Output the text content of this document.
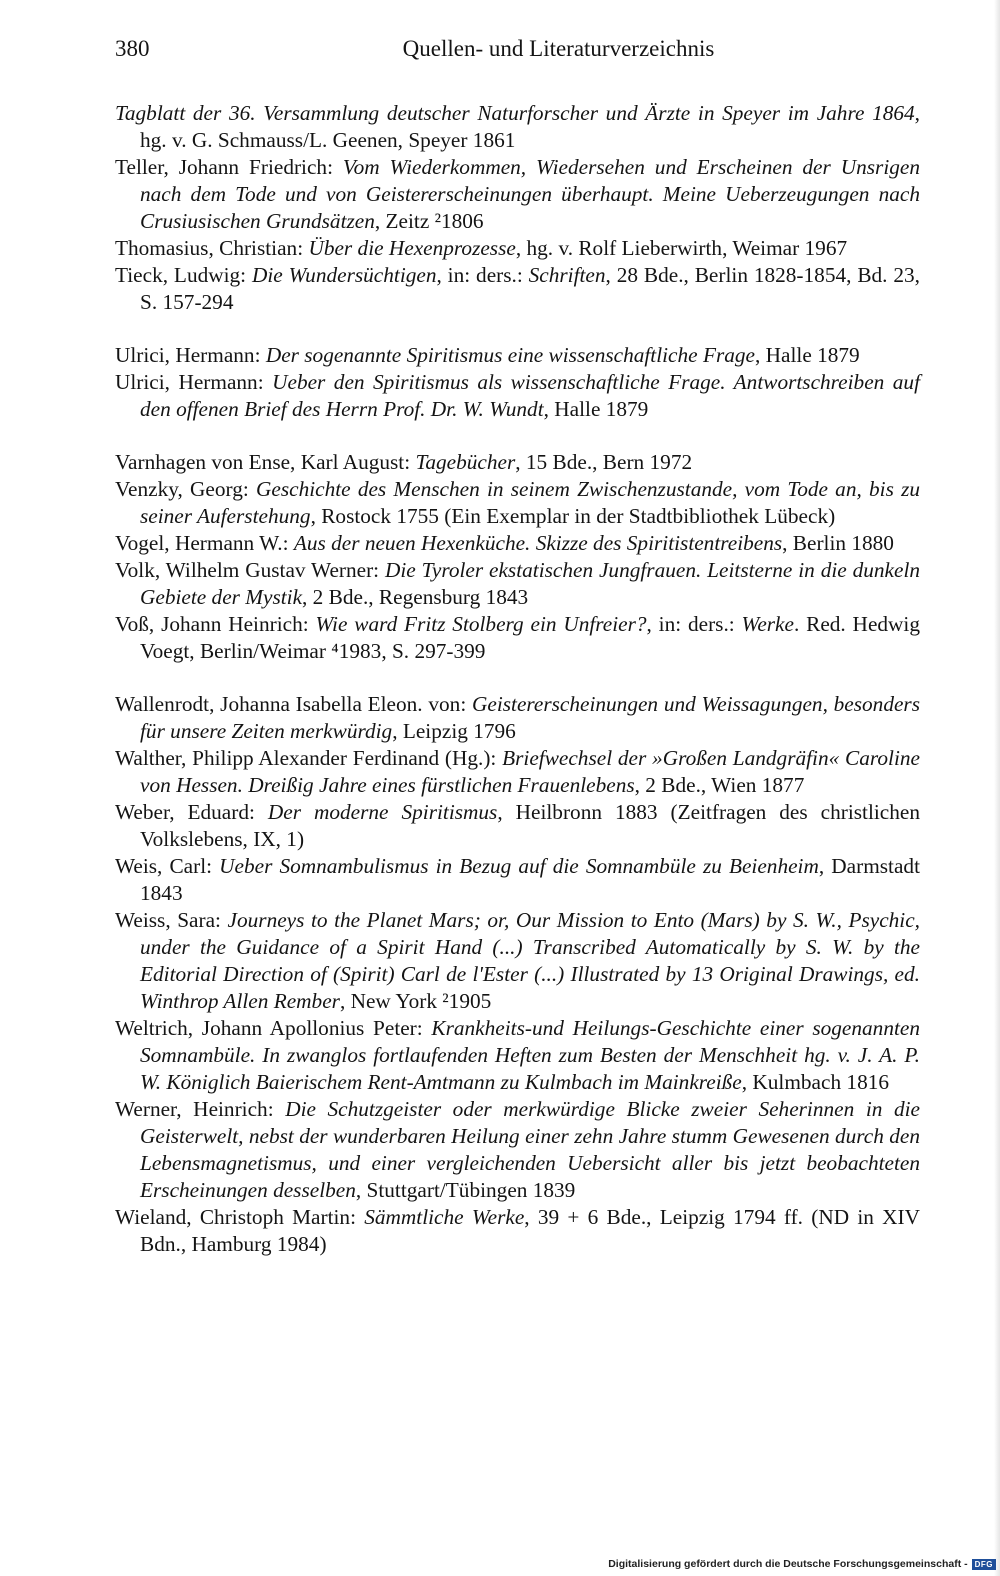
380	Quellen- und Literaturverzeichnis

Tagblatt der 36. Versammlung deutscher Naturforscher und Ärzte in Speyer im Jahre 1864, hg. v. G. Schmauss/L. Geenen, Speyer 1861

Teller, Johann Friedrich: Vom Wiederkommen, Wiedersehen und Erscheinen der Unsrigen nach dem Tode und von Geistererscheinungen überhaupt. Meine Ueberzeugungen nach Crusiusischen Grundsätzen, Zeitz ²1806

Thomasius, Christian: Über die Hexenprozesse, hg. v. Rolf Lieberwirth, Weimar 1967

Tieck, Ludwig: Die Wundersüchtigen, in: ders.: Schriften, 28 Bde., Berlin 1828-1854, Bd. 23, S. 157-294

Ulrici, Hermann: Der sogenannte Spiritismus eine wissenschaftliche Frage, Halle 1879

Ulrici, Hermann: Ueber den Spiritismus als wissenschaftliche Frage. Antwortschreiben auf den offenen Brief des Herrn Prof. Dr. W. Wundt, Halle 1879

Varnhagen von Ense, Karl August: Tagebücher, 15 Bde., Bern 1972

Venzky, Georg: Geschichte des Menschen in seinem Zwischenzustande, vom Tode an, bis zu seiner Auferstehung, Rostock 1755 (Ein Exemplar in der Stadtbibliothek Lübeck)

Vogel, Hermann W.: Aus der neuen Hexenküche. Skizze des Spiritistentreibens, Berlin 1880

Volk, Wilhelm Gustav Werner: Die Tyroler ekstatischen Jungfrauen. Leitsterne in die dunkeln Gebiete der Mystik, 2 Bde., Regensburg 1843

Voß, Johann Heinrich: Wie ward Fritz Stolberg ein Unfreier?, in: ders.: Werke. Red. Hedwig Voegt, Berlin/Weimar ⁴1983, S. 297-399

Wallenrodt, Johanna Isabella Eleon. von: Geistererscheinungen und Weissagungen, besonders für unsere Zeiten merkwürdig, Leipzig 1796

Walther, Philipp Alexander Ferdinand (Hg.): Briefwechsel der »Großen Landgräfin« Caroline von Hessen. Dreißig Jahre eines fürstlichen Frauenlebens, 2 Bde., Wien 1877

Weber, Eduard: Der moderne Spiritismus, Heilbronn 1883 (Zeitfragen des christlichen Volkslebens, IX, 1)

Weis, Carl: Ueber Somnambulismus in Bezug auf die Somnambüle zu Beienheim, Darmstadt 1843

Weiss, Sara: Journeys to the Planet Mars; or, Our Mission to Ento (Mars) by S. W., Psychic, under the Guidance of a Spirit Hand (...) Transcribed Automatically by S. W. by the Editorial Direction of (Spirit) Carl de l'Ester (...) Illustrated by 13 Original Drawings, ed. Winthrop Allen Rember, New York ²1905

Weltrich, Johann Apollonius Peter: Krankheits-und Heilungs-Geschichte einer sogenannten Somnambüle. In zwanglos fortlaufenden Heften zum Besten der Menschheit hg. v. J. A. P. W. Königlich Baierischem Rent-Amtmann zu Kulmbach im Mainkreiße, Kulmbach 1816

Werner, Heinrich: Die Schutzgeister oder merkwürdige Blicke zweier Seherinnen in die Geisterwelt, nebst der wunderbaren Heilung einer zehn Jahre stumm Gewesenen durch den Lebensmagnetismus, und einer vergleichenden Uebersicht aller bis jetzt beobachteten Erscheinungen desselben, Stuttgart/Tübingen 1839

Wieland, Christoph Martin: Sämmtliche Werke, 39 + 6 Bde., Leipzig 1794 ff. (ND in XIV Bdn., Hamburg 1984)

Digitalisierung gefördert durch die Deutsche Forschungsgemeinschaft - DFG
